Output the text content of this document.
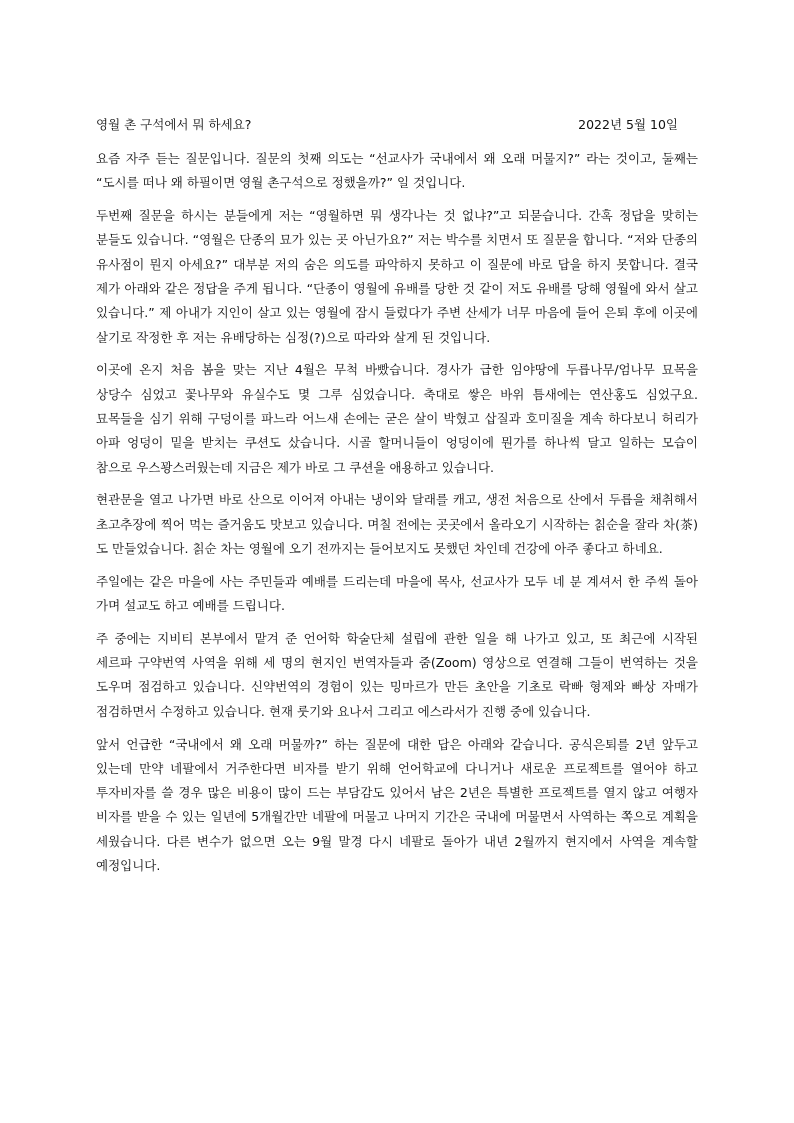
영월 촌 구석에서 뭐 하세요?	2022년 5월 10일

요즘 자주 듣는 질문입니다. 질문의 첫째 의도는 “선교사가 국내에서 왜 오래 머물지?” 라는 것이고, 둘째는 “도시를 떠나 왜 하필이면 영월 촌구석으로 정했을까?” 일 것입니다.

두번째 질문을 하시는 분들에게 저는 “영월하면 뭐 생각나는 것 없냐?”고 되묻습니다. 간혹 정답을 맞히는 분들도 있습니다. “영월은 단종의 묘가 있는 곳 아닌가요?” 저는 박수를 치면서 또 질문을 합니다. “저와 단종의 유사점이 뭔지 아세요?” 대부분 저의 숨은 의도를 파악하지 못하고 이 질문에 바로 답을 하지 못합니다. 결국 제가 아래와 같은 정답을 주게 됩니다. “단종이 영월에 유배를 당한 것 같이 저도 유배를 당해 영월에 와서 살고 있습니다.” 제 아내가 지인이 살고 있는 영월에 잠시 들렀다가 주변 산세가 너무 마음에 들어 은퇴 후에 이곳에 살기로 작정한 후 저는 유배당하는 심정(?)으로 따라와 살게 된 것입니다.

이곳에 온지 처음 봄을 맞는 지난 4월은 무척 바빴습니다. 경사가 급한 임야땅에 두릅나무/엄나무 묘목을 상당수 심었고 꽃나무와 유실수도 몇 그루 심었습니다. 축대로 쌓은 바위 틈새에는 연산홍도 심었구요. 묘목들을 심기 위해 구덩이를 파느라 어느새 손에는 굳은 살이 박혔고 삽질과 호미질을 계속 하다보니 허리가 아파 엉덩이 밑을 받치는 쿠션도 샀습니다. 시골 할머니들이 엉덩이에 뭔가를 하나씩 달고 일하는 모습이 참으로 우스꽝스러웠는데 지금은 제가 바로 그 쿠션을 애용하고 있습니다.

현관문을 열고 나가면 바로 산으로 이어져 아내는 냉이와 달래를 캐고, 생전 처음으로 산에서 두릅을 채취해서 초고추장에 찍어 먹는 즐거움도 맛보고 있습니다. 며칠 전에는 곳곳에서 올라오기 시작하는 칡순을 잘라 차(茶)도 만들었습니다. 칡순 차는 영월에 오기 전까지는 들어보지도 못했던 차인데 건강에 아주 좋다고 하네요.

주일에는 같은 마을에 사는 주민들과 예배를 드리는데 마을에 목사, 선교사가 모두 네 분 계셔서 한 주씩 돌아 가며 설교도 하고 예배를 드립니다.

주 중에는 지비티 본부에서 맡겨 준 언어학 학술단체 설립에 관한 일을 해 나가고 있고, 또 최근에 시작된 세르파 구약번역 사역을 위해 세 명의 현지인 번역자들과 줌(Zoom) 영상으로 연결해 그들이 번역하는 것을 도우며 점검하고 있습니다. 신약번역의 경험이 있는 밍마르가 만든 초안을 기초로 락빠 형제와 빠상 자매가 점검하면서 수정하고 있습니다. 현재 룻기와 요나서 그리고 에스라서가 진행 중에 있습니다.

앞서 언급한 “국내에서 왜 오래 머물까?” 하는 질문에 대한 답은 아래와 같습니다. 공식은퇴를 2년 앞두고 있는데 만약 네팔에서 거주한다면 비자를 받기 위해 언어학교에 다니거나 새로운 프로젝트를 열어야 하고 투자비자를 쓸 경우 많은 비용이 많이 드는 부담감도 있어서 남은 2년은 특별한 프로젝트를 열지 않고 여행자 비자를 받을 수 있는 일년에 5개월간만 네팔에 머물고 나머지 기간은 국내에 머물면서 사역하는 쪽으로 계획을 세웠습니다. 다른 변수가 없으면 오는 9월 말경 다시 네팔로 돌아가 내년 2월까지 현지에서 사역을 계속할 예정입니다.
